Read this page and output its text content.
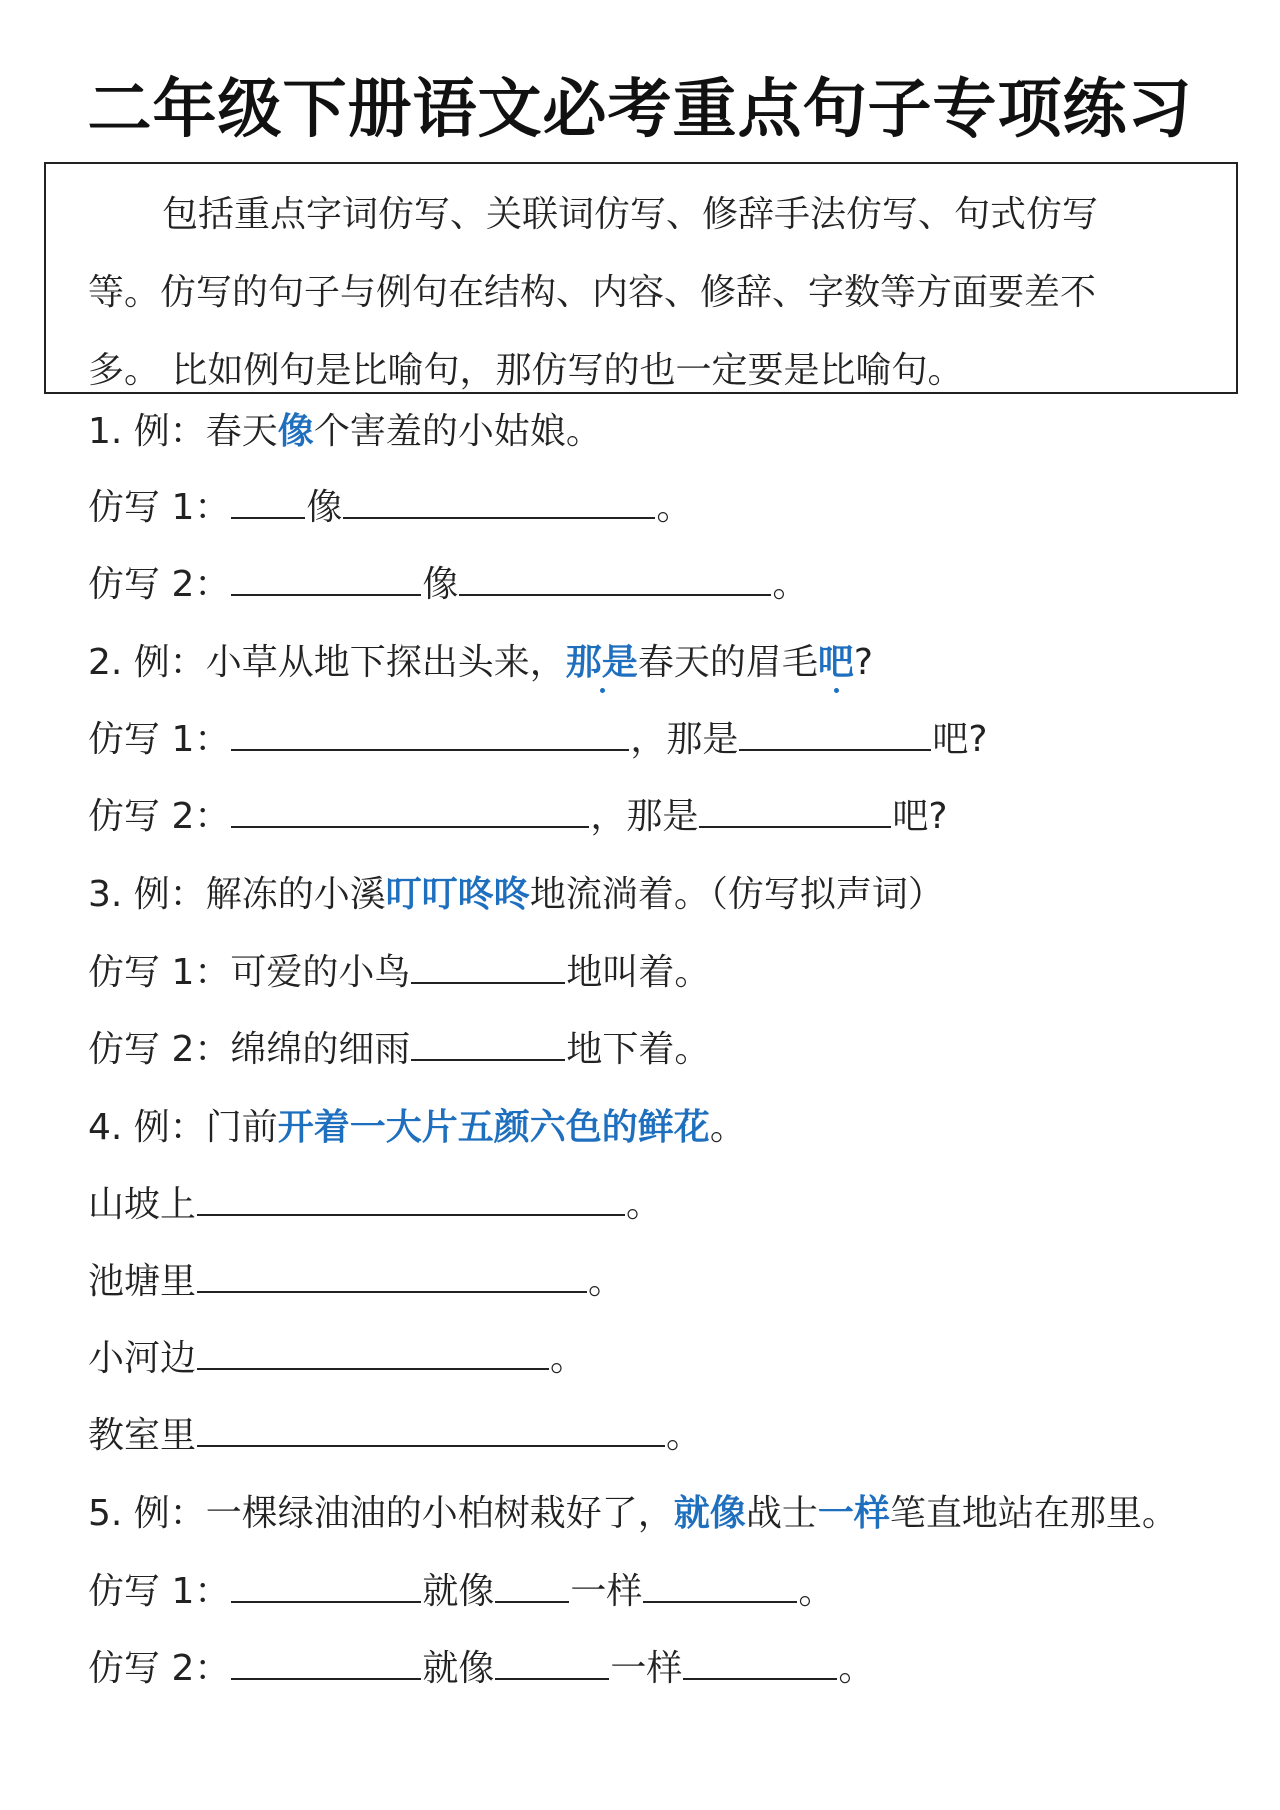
二年级下册语文必考重点句子专项练习
包括重点字词仿写、关联词仿写、修辞手法仿写、句式仿写
等。仿写的句子与例句在结构、内容、修辞、字数等方面要差不
多。 比如例句是比喻句，那仿写的也一定要是比喻句。
1. 例：春天像个害羞的小姑娘。
仿写 1： 像	。
仿写 2：	像	。
2. 例：小草从地下探出头来，那是春天的眉毛吧?
仿写 1：	，那是	吧?
仿写 2：	，那是	吧?
3. 例：解冻的小溪叮叮咚咚地流淌着。（仿写拟声词）
仿写 1：可爱的小鸟	地叫着。
仿写 2：绵绵的细雨	地下着。
4. 例：门前开着一大片五颜六色的鲜花。
山坡上	。
池塘里	。
小河边	。
教室里	。
5. 例：一棵绿油油的小柏树栽好了，就像战士一样笔直地站在那里。
仿写 1：	就像 一样	。
仿写 2：	就像	一样	。
